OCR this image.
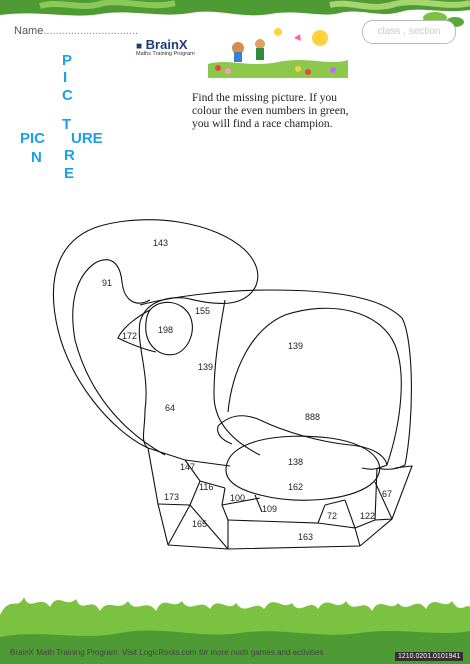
Name...............................	class , section
■ BrainX
Maths Training Program
P
I
C
T
PIC URE
N R
E
Find the missing picture. If you colour the even numbers in green, you will find a race champion.
143
91
155
172
198
139
139
64
888
147	138
116
173
162
100
109
67
72	122
165
163
BrainX Math Training Program. Visit LogicRoots.com for more math games and activities	1210.0201.0101941
